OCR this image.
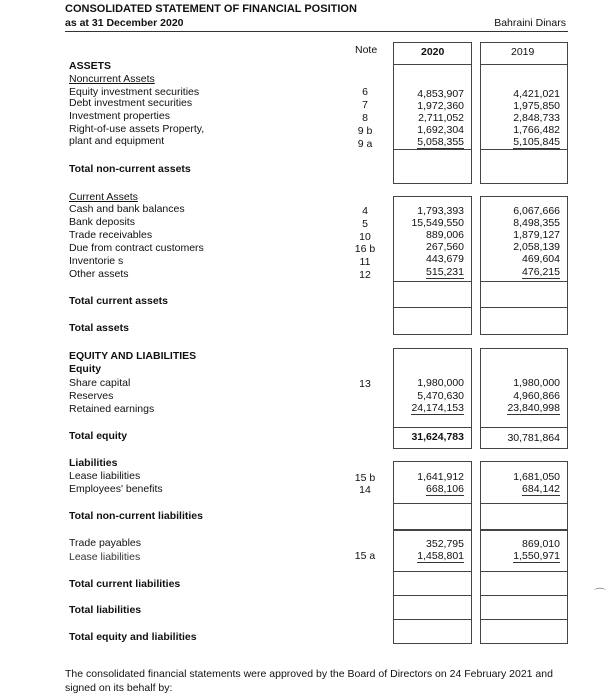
CONSOLIDATED STATEMENT OF FINANCIAL POSITION
as at 31 December 2020	Bahraini Dinars
Note	2020	2019
ASSETS
Noncurrent Assets
Equity investment securities	6	4,853,907	4,421,021
Debt investment securities	7	1,972,360	1,975,850
Investment properties	8	2,711,052	2,848,733
Right-of-use assets Property,	9 b	1,692,304	1,766,482
plant and equipment	9 a	5,058,355	5,105,845
Total non-current assets
Current Assets
Cash and bank balances	4	1,793,393	6,067,666
Bank deposits	5	15,549,550	8,498,355
Trade receivables	10	889,006	1,879,127
Due from contract customers	16 b	267,560	2,058,139
Inventorie s	11	443,679	469,604
Other assets	12	515,231	476,215
Total current assets
Total assets
EQUITY AND LIABILITIES
Equity
Share capital	13	1,980,000	1,980,000
Reserves	5,470,630	4,960,866
Retained earnings	24,174,153	23,840,998
Total equity	31,624,783	30,781,864
Liabilities
Lease liabilities	15 b	1,641,912	1,681,050
Employees' benefits	14	668,106	684,142
Total non-current liabilities
Trade payables	352,795	869,010
Lease liabilities	15 a	1,458,801	1,550,971
Total current liabilities
Total liabilities
Total equity and liabilities
⌒
The consolidated financial statements were approved by the Board of Directors on 24 February 2021 and signed on its behalf by:
